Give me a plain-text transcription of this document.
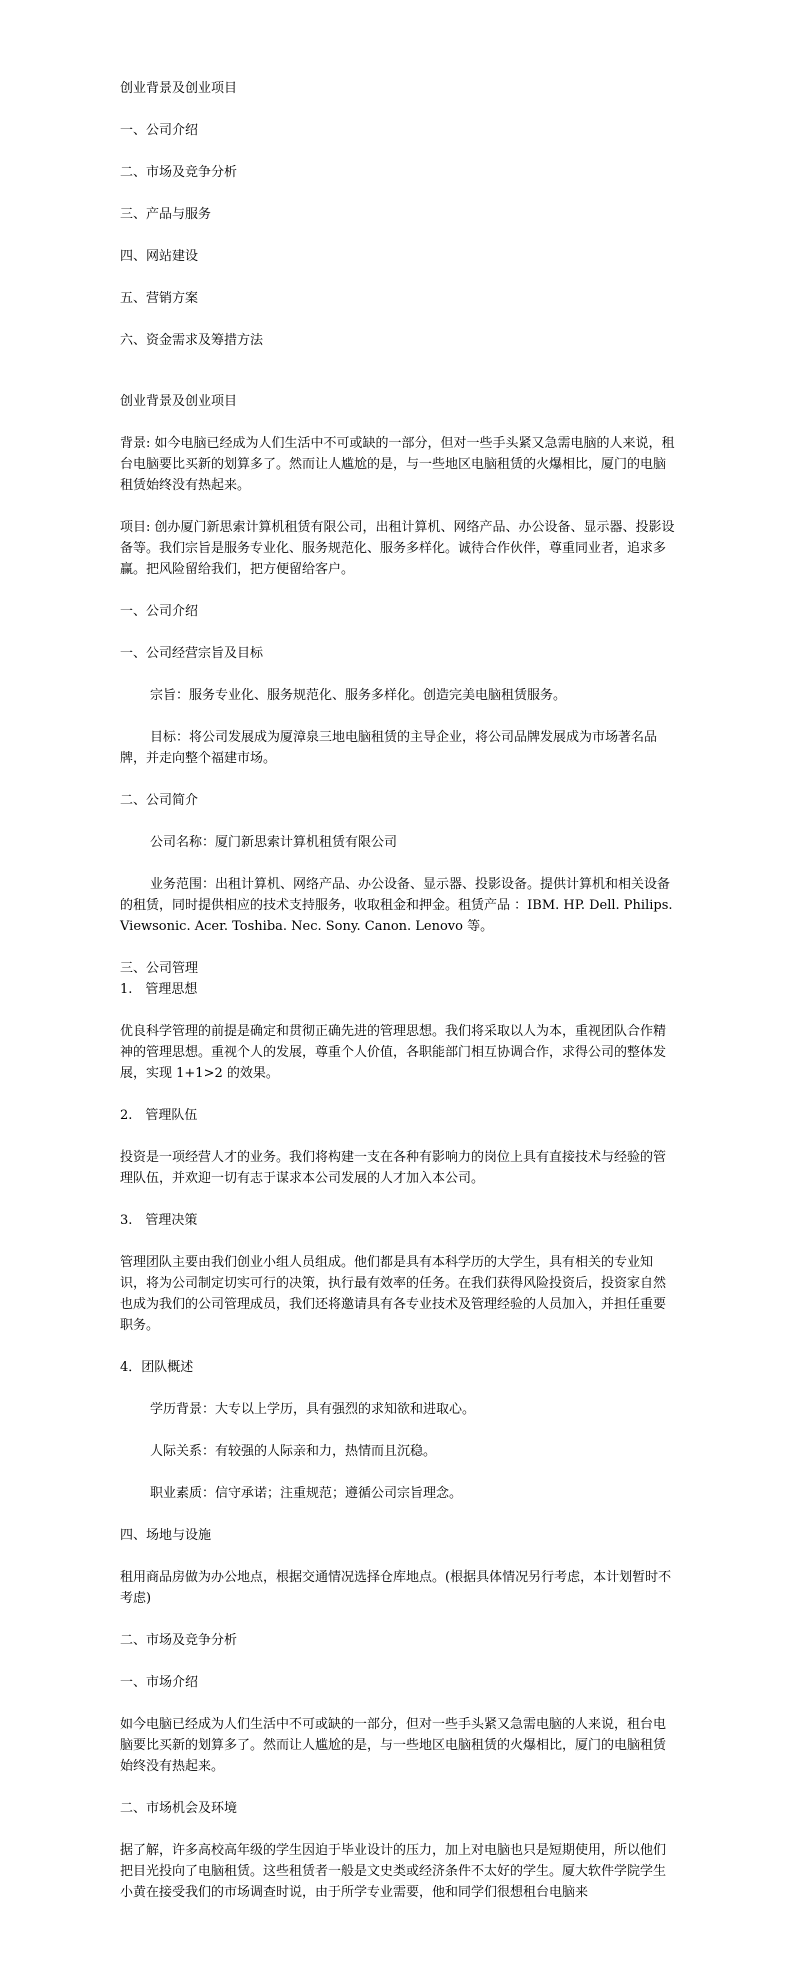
创业背景及创业项目

一、公司介绍

二、市场及竞争分析

三、产品与服务

四、网站建设

五、营销方案

六、资金需求及筹措方法

创业背景及创业项目

背景: 如今电脑已经成为人们生活中不可或缺的一部分，但对一些手头紧又急需电脑的人来说，租台电脑要比买新的划算多了。然而让人尴尬的是，与一些地区电脑租赁的火爆相比，厦门的电脑租赁始终没有热起来。

项目: 创办厦门新思索计算机租赁有限公司，出租计算机、网络产品、办公设备、显示器、投影设备等。我们宗旨是服务专业化、服务规范化、服务多样化。诚待合作伙伴，尊重同业者，追求多赢。把风险留给我们，把方便留给客户。

一、公司介绍

一、公司经营宗旨及目标

宗旨：服务专业化、服务规范化、服务多样化。创造完美电脑租赁服务。

目标：将公司发展成为厦漳泉三地电脑租赁的主导企业，将公司品牌发展成为市场著名品牌，并走向整个福建市场。

二、公司简介

公司名称：厦门新思索计算机租赁有限公司

业务范围：出租计算机、网络产品、办公设备、显示器、投影设备。提供计算机和相关设备的租赁，同时提供相应的技术支持服务，收取租金和押金。租赁产品 ：IBM. HP. Dell. Philips. Viewsonic. Acer. Toshiba. Nec. Sony. Canon. Lenovo 等。

三、公司管理

1.　管理思想

优良科学管理的前提是确定和贯彻正确先进的管理思想。我们将采取以人为本，重视团队合作精神的管理思想。重视个人的发展，尊重个人价值，各职能部门相互协调合作，求得公司的整体发展，实现 1+1>2 的效果。

2.　管理队伍

投资是一项经营人才的业务。我们将构建一支在各种有影响力的岗位上具有直接技术与经验的管理队伍，并欢迎一切有志于谋求本公司发展的人才加入本公司。

3.　管理决策

管理团队主要由我们创业小组人员组成。他们都是具有本科学历的大学生，具有相关的专业知识，将为公司制定切实可行的决策，执行最有效率的任务。在我们获得风险投资后，投资家自然也成为我们的公司管理成员，我们还将邀请具有各专业技术及管理经验的人员加入，并担任重要职务。

4．团队概述

学历背景：大专以上学历，具有强烈的求知欲和进取心。

人际关系：有较强的人际亲和力，热情而且沉稳。

职业素质：信守承诺；注重规范；遵循公司宗旨理念。

四、场地与设施

租用商品房做为办公地点，根据交通情况选择仓库地点。(根据具体情况另行考虑，本计划暂时不考虑)

二、市场及竞争分析

一、市场介绍

如今电脑已经成为人们生活中不可或缺的一部分，但对一些手头紧又急需电脑的人来说，租台电脑要比买新的划算多了。然而让人尴尬的是，与一些地区电脑租赁的火爆相比，厦门的电脑租赁始终没有热起来。

二、市场机会及环境

据了解，许多高校高年级的学生因迫于毕业设计的压力，加上对电脑也只是短期使用，所以他们把目光投向了电脑租赁。这些租赁者一般是文史类或经济条件不太好的学生。厦大软件学院学生小黄在接受我们的市场调查时说，由于所学专业需要，他和同学们很想租台电脑来
